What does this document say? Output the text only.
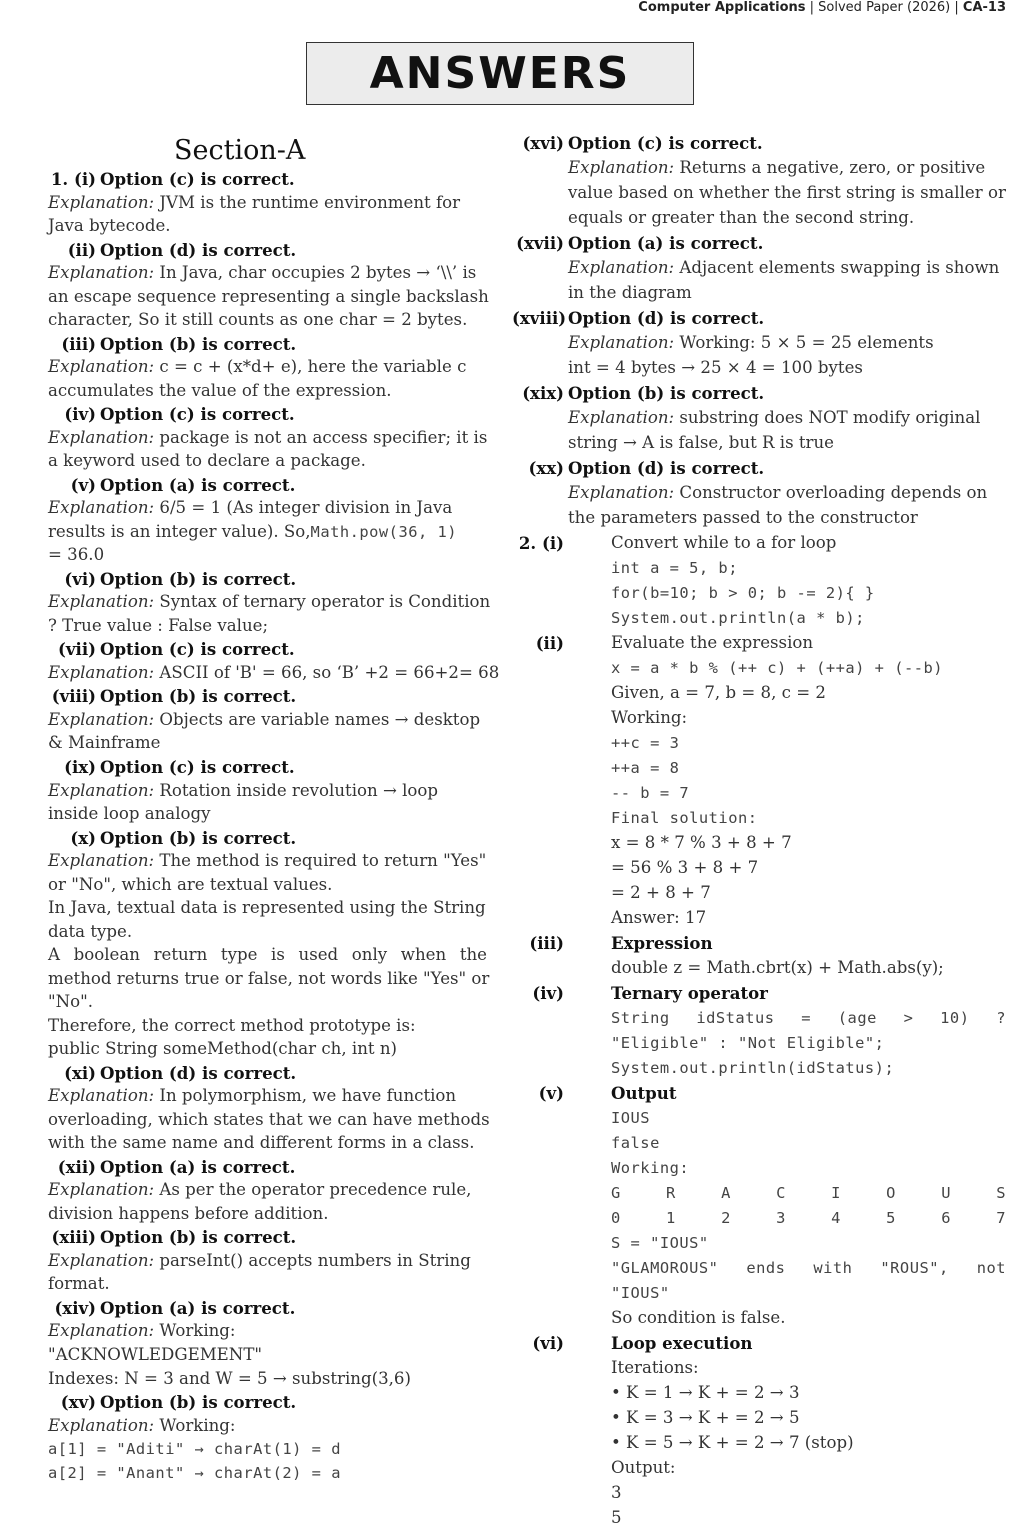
Computer Applications | Solved Paper (2026) | CA-13
ANSWERS
Section-A
1. (i) Option (c) is correct.
Explanation: JVM is the runtime environment for
Java bytecode.
(ii) Option (d) is correct.
Explanation: In Java, char occupies 2 bytes → ‘\\’ is
an escape sequence representing a single backslash
character, So it still counts as one char = 2 bytes.
(iii) Option (b) is correct.
Explanation: c = c + (x*d+ e), here the variable c
accumulates the value of the expression.
(iv) Option (c) is correct.
Explanation: package is not an access specifier; it is
a keyword used to declare a package.
(v) Option (a) is correct.
Explanation: 6/5 = 1 (As integer division in Java
results is an integer value). So,Math.pow(36, 1)
= 36.0
(vi) Option (b) is correct.
Explanation: Syntax of ternary operator is Condition
? True value : False value;
(vii) Option (c) is correct.
Explanation: ASCII of 'B' = 66, so ‘B’ +2 = 66+2= 68
(viii) Option (b) is correct.
Explanation: Objects are variable names → desktop
& Mainframe
(ix) Option (c) is correct.
Explanation: Rotation inside revolution → loop
inside loop analogy
(x) Option (b) is correct.
Explanation: The method is required to return "Yes"
or "No", which are textual values.
In Java, textual data is represented using the String
data type.
A boolean return type is used only when the
method returns true or false, not words like "Yes" or
"No".
Therefore, the correct method prototype is:
public String someMethod(char ch, int n)
(xi) Option (d) is correct.
Explanation: In polymorphism, we have function
overloading, which states that we can have methods
with the same name and different forms in a class.
(xii) Option (a) is correct.
Explanation: As per the operator precedence rule,
division happens before addition.
(xiii) Option (b) is correct.
Explanation: parseInt() accepts numbers in String
format.
(xiv) Option (a) is correct.
Explanation: Working:
"ACKNOWLEDGEMENT"
Indexes: N = 3 and W = 5 → substring(3,6)
(xv) Option (b) is correct.
Explanation: Working:
a[1] = "Aditi" → charAt(1) = d
a[2] = "Anant" → charAt(2) = a
(xvi) Option (c) is correct.
Explanation: Returns a negative, zero, or positive
value based on whether the first string is smaller or
equals or greater than the second string.
(xvii) Option (a) is correct.
Explanation: Adjacent elements swapping is shown
in the diagram
(xviii) Option (d) is correct.
Explanation: Working: 5 × 5 = 25 elements
int = 4 bytes → 25 × 4 = 100 bytes
(xix) Option (b) is correct.
Explanation: substring does NOT modify original
string → A is false, but R is true
(xx) Option (d) is correct.
Explanation: Constructor overloading depends on
the parameters passed to the constructor
2. (i)	Convert while to a for loop
int a = 5, b;
for(b=10; b > 0; b -= 2){ }
System.out.println(a * b);
(ii)	Evaluate the expression
x = a * b % (++ c) + (++a) + (--b)
Given, a = 7, b = 8, c = 2
Working:
++c = 3
++a = 8
-- b = 7
Final solution:
x = 8 * 7 % 3 + 8 + 7
= 56 % 3 + 8 + 7
= 2 + 8 + 7
Answer: 17
(iii)	Expression
double z = Math.cbrt(x) + Math.abs(y);
(iv)	Ternary operator
String idStatus = (age > 10) ?
"Eligible" : "Not Eligible";
System.out.println(idStatus);
(v)	Output
IOUS
false
Working:
G R A C I O U S
0 1 2 3 4 5 6 7
S = "IOUS"
"GLAMOROUS" ends with "ROUS", not
"IOUS"
So condition is false.
(vi)	Loop execution
Iterations:
• K = 1 → K + = 2 → 3
• K = 3 → K + = 2 → 5
• K = 5 → K + = 2 → 7 (stop)
Output:
3
5
